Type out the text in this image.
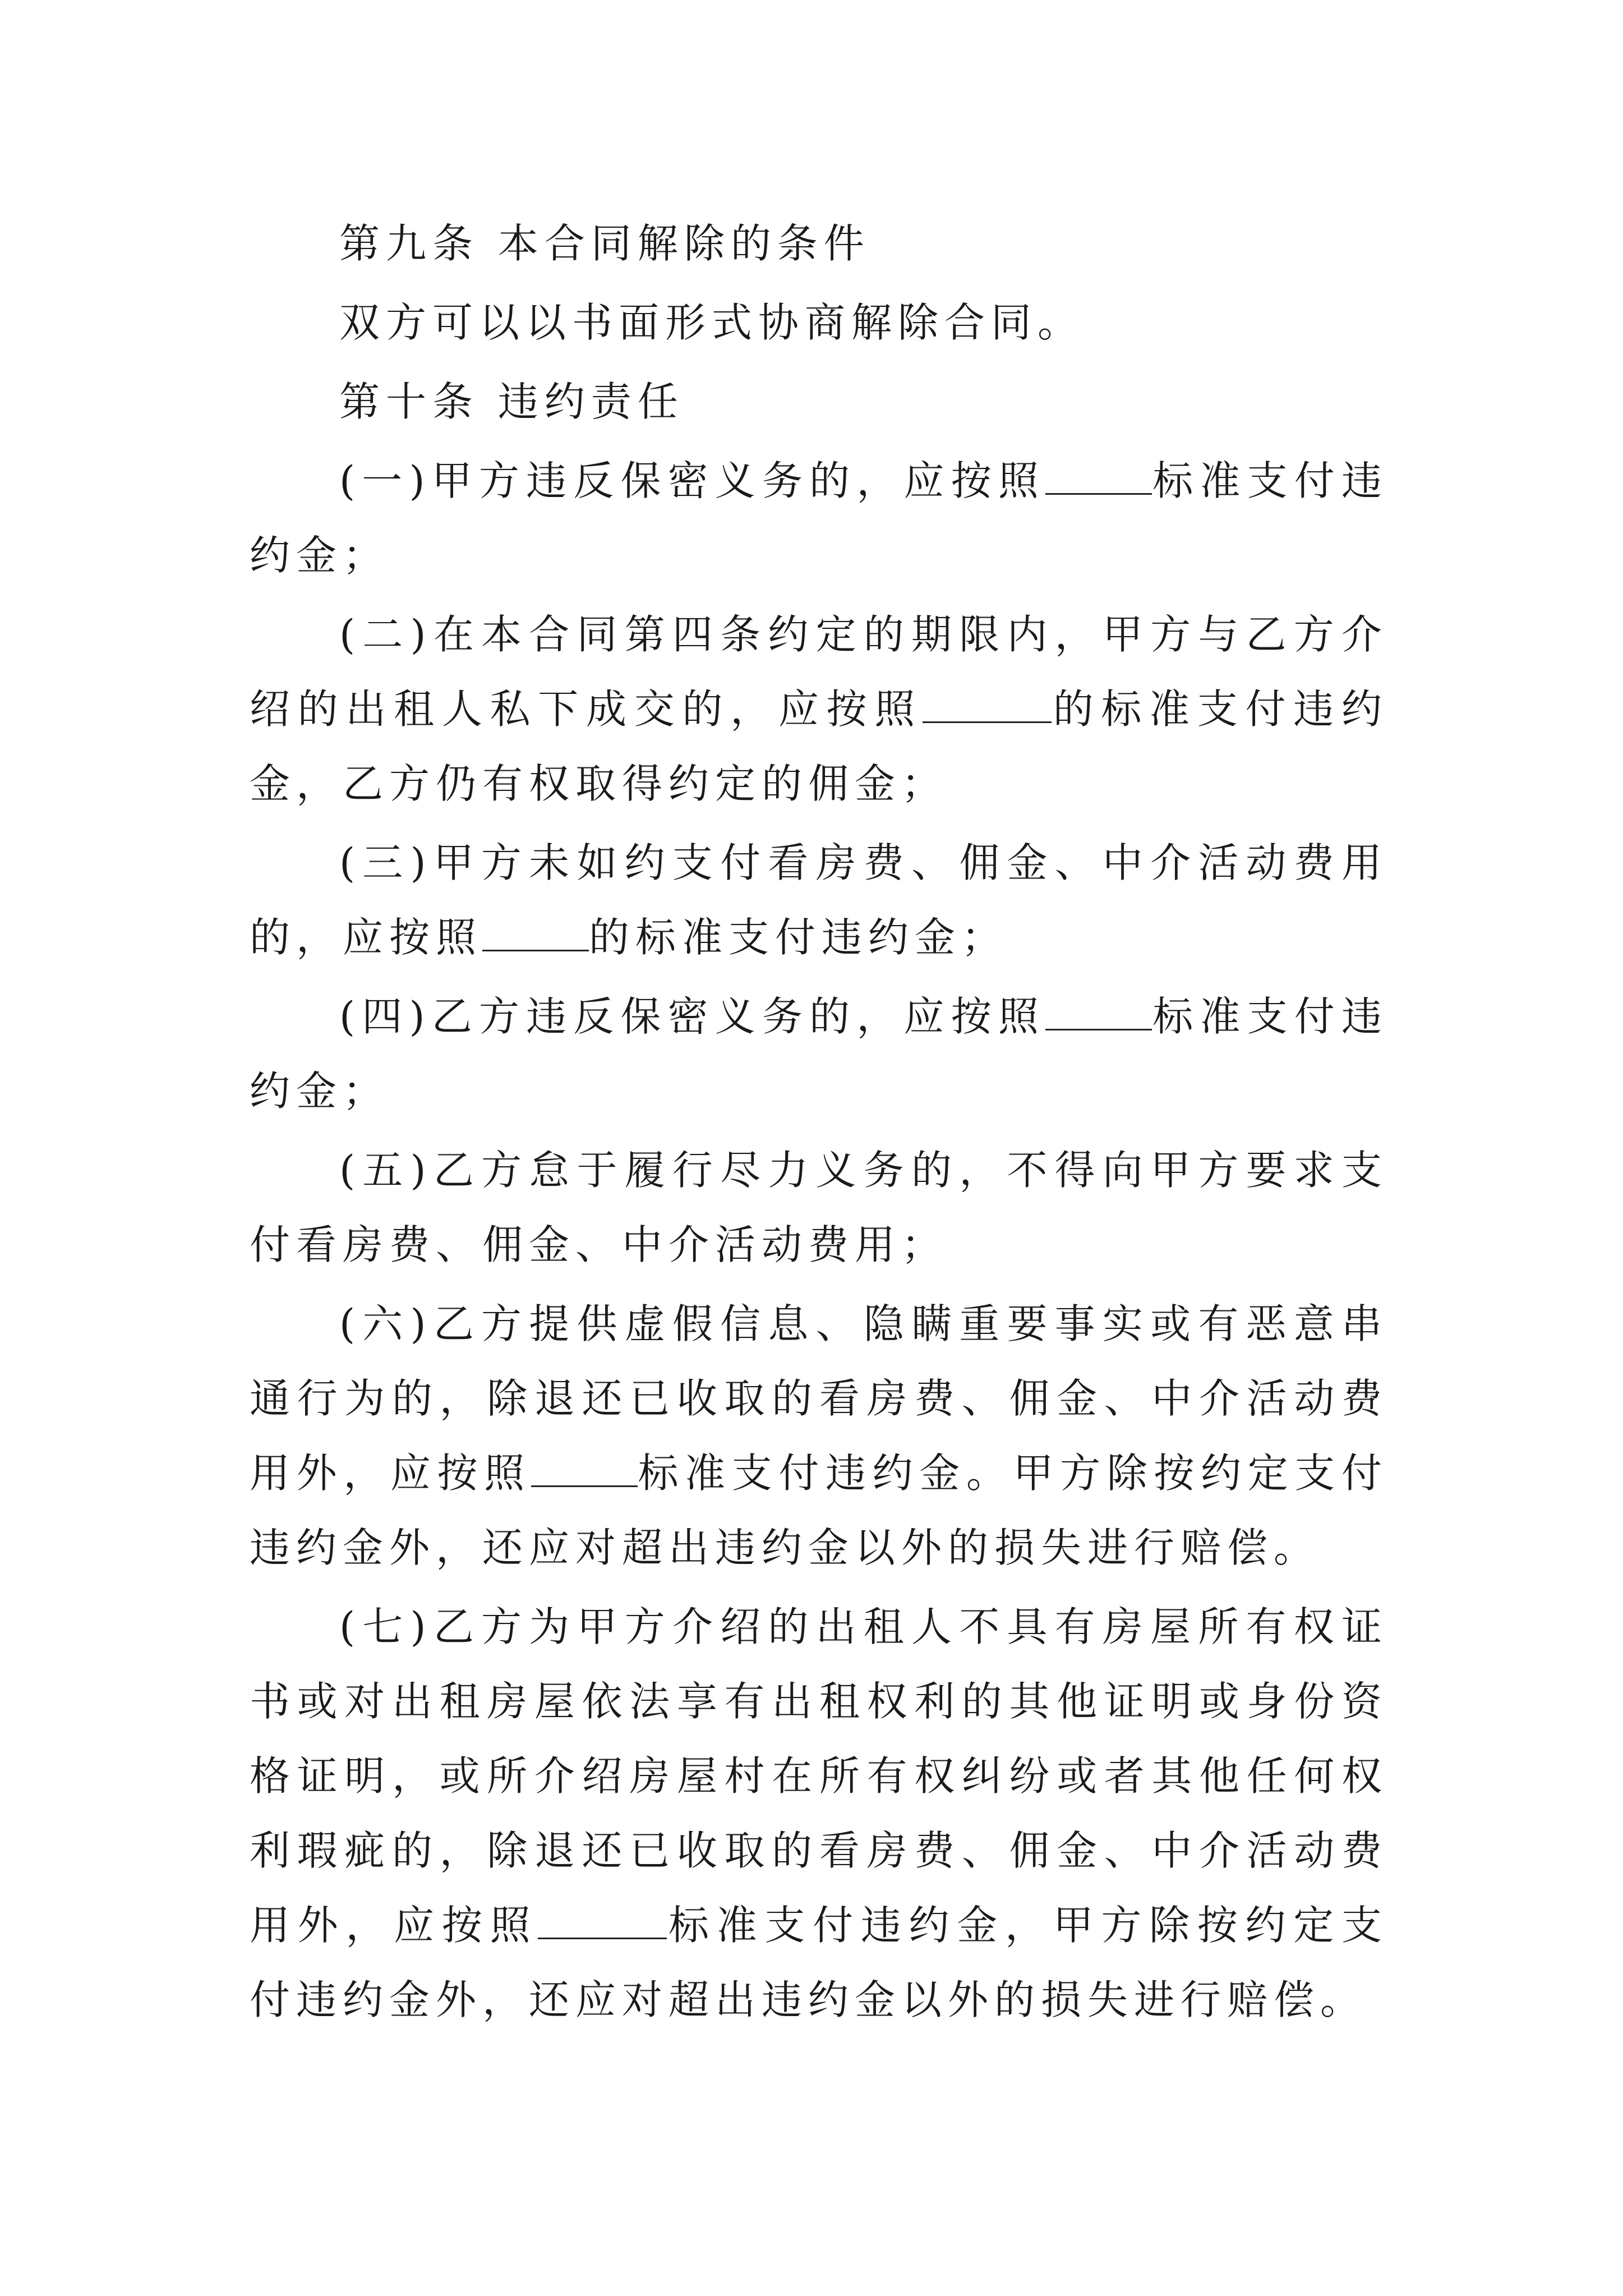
第九条 本合同解除的条件

双方可以以书面形式协商解除合同。

第十条 违约责任

(一)甲方违反保密义务的，应按照	标准支付违约金；

(二)在本合同第四条约定的期限内，甲方与乙方介绍的出租人私下成交的，应按照	的标准支付违约金，乙方仍有权取得约定的佣金；

(三)甲方未如约支付看房费、佣金、中介活动费用的，应按照	的标准支付违约金；

(四)乙方违反保密义务的，应按照	标准支付违约金；

(五)乙方怠于履行尽力义务的，不得向甲方要求支付看房费、佣金、中介活动费用；

(六)乙方提供虚假信息、隐瞒重要事实或有恶意串通行为的，除退还已收取的看房费、佣金、中介活动费用外，应按照	标准支付违约金。甲方除按约定支付违约金外，还应对超出违约金以外的损失进行赔偿。

(七)乙方为甲方介绍的出租人不具有房屋所有权证书或对出租房屋依法享有出租权利的其他证明或身份资格证明，或所介绍房屋村在所有权纠纷或者其他任何权利瑕疵的，除退还已收取的看房费、佣金、中介活动费用外，应按照	标准支付违约金，甲方除按约定支付违约金外，还应对超出违约金以外的损失进行赔偿。
